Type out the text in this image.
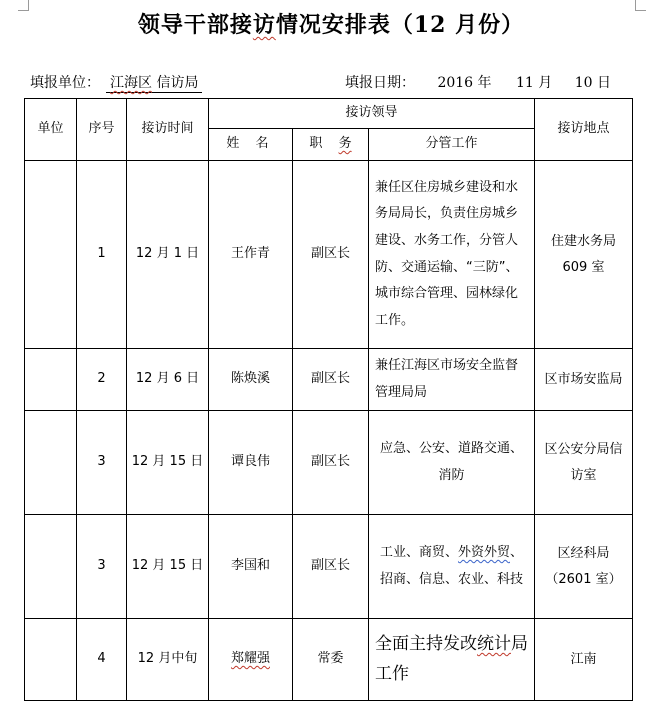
领导干部接访情况安排表（12 月份）
填报单位： 江海区 信访局	填报日期： 2016 年 11 月 10 日
单位	序号	接访时间	接访领导			接访地点
			姓 名	职 务	分管工作	
	1	12 月 1 日	王作青	副区长	兼任区住房城乡建设和水务局局长，负责住房城乡建设、水务工作，分管人防、交通运输、“三防”、城市综合管理、园林绿化工作。	住建水务局 609 室
	2	12 月 6 日	陈焕溪	副区长	兼任江海区市场安全监督管理局局	区市场安监局
	3	12 月 15 日	谭良伟	副区长	应急、公安、道路交通、消防	区公安分局信访室
	3	12 月 15 日	李国和	副区长	工业、商贸、外资外贸、招商、信息、农业、科技	区经科局
（2601 室）
	4	12 月中旬	郑耀强	常委	全面主持发改统计局工作	江南
